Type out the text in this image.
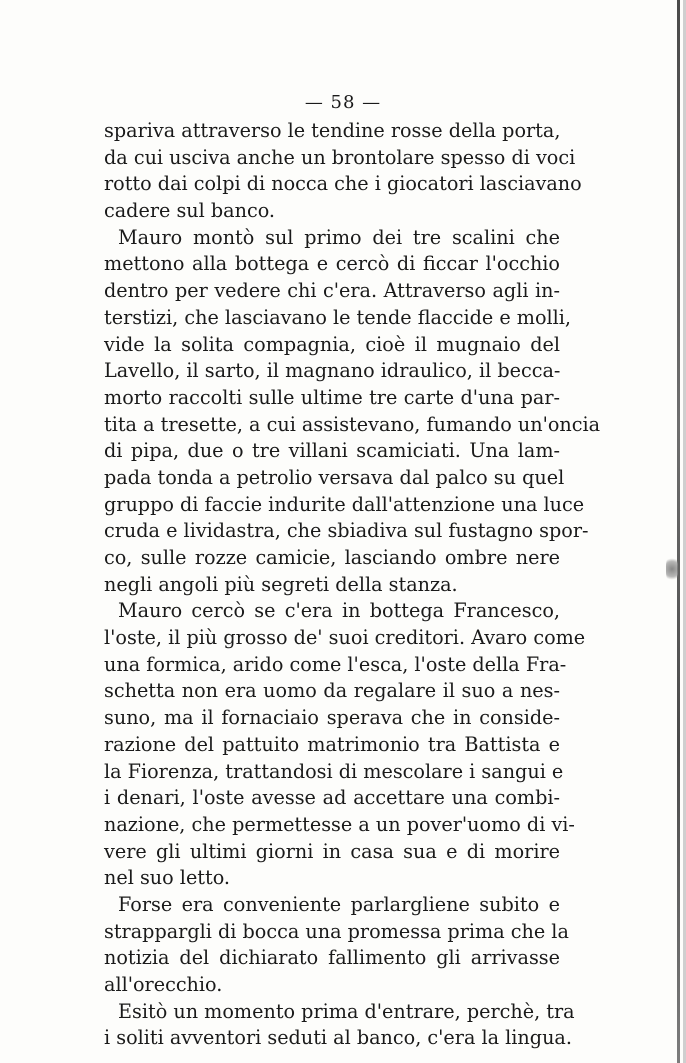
— 58 —
spariva attraverso le tendine rosse della porta,
da cui usciva anche un brontolare spesso di voci
rotto dai colpi di nocca che i giocatori lasciavano
cadere sul banco.
Mauro montò sul primo dei tre scalini che
mettono alla bottega e cercò di ficcar l'occhio
dentro per vedere chi c'era. Attraverso agli in-
terstizi, che lasciavano le tende flaccide e molli,
vide la solita compagnia, cioè il mugnaio del
Lavello, il sarto, il magnano idraulico, il becca-
morto raccolti sulle ultime tre carte d'una par-
tita a tresette, a cui assistevano, fumando un'oncia
di pipa, due o tre villani scamiciati. Una lam-
pada tonda a petrolio versava dal palco su quel
gruppo di faccie indurite dall'attenzione una luce
cruda e lividastra, che sbiadiva sul fustagno spor-
co, sulle rozze camicie, lasciando ombre nere
negli angoli più segreti della stanza.
Mauro cercò se c'era in bottega Francesco,
l'oste, il più grosso de' suoi creditori. Avaro come
una formica, arido come l'esca, l'oste della Fra-
schetta non era uomo da regalare il suo a nes-
suno, ma il fornaciaio sperava che in conside-
razione del pattuito matrimonio tra Battista e
la Fiorenza, trattandosi di mescolare i sangui e
i denari, l'oste avesse ad accettare una combi-
nazione, che permettesse a un pover'uomo di vi-
vere gli ultimi giorni in casa sua e di morire
nel suo letto.
Forse era conveniente parlargliene subito e
strappargli di bocca una promessa prima che la
notizia del dichiarato fallimento gli arrivasse
all'orecchio.
Esitò un momento prima d'entrare, perchè, tra
i soliti avventori seduti al banco, c'era la lingua.
